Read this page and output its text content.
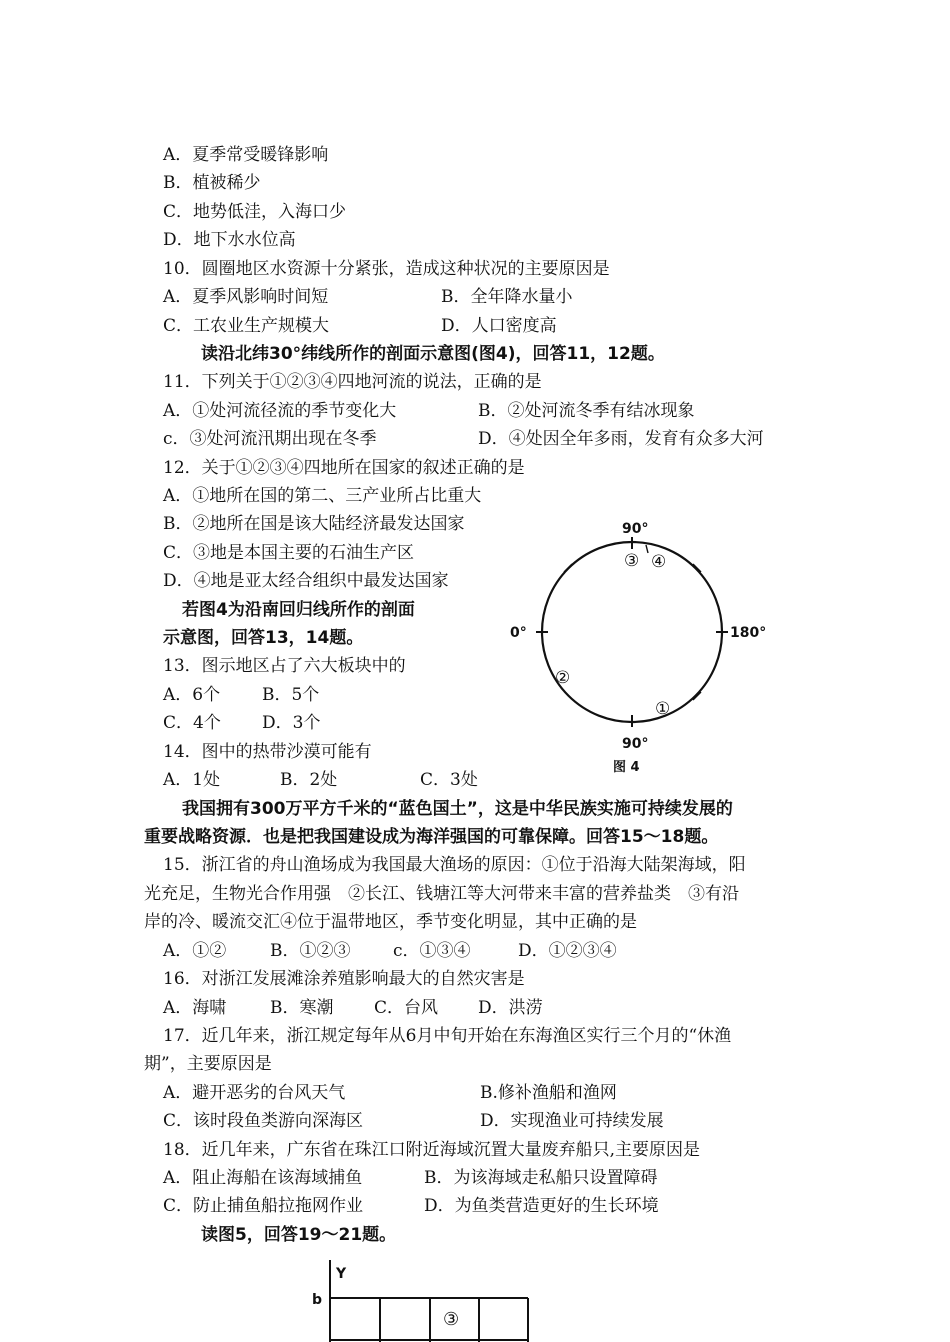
A．夏季常受暖锋影响
B．植被稀少
C．地势低洼，入海口少
D．地下水水位高
10．圆圈地区水资源十分紧张，造成这种状况的主要原因是
A．夏季风影响时间短	B．全年降水量小
C．工农业生产规模大	D．人口密度高
读沿北纬30°纬线所作的剖面示意图(图4)，回答11，12题。
11．下列关于①②③④四地河流的说法，正确的是
A．①处河流径流的季节变化大	B．②处河流冬季有结冰现象
c．③处河流汛期出现在冬季	D．④处因全年多雨，发育有众多大河
12．关于①②③④四地所在国家的叙述正确的是
A．①地所在国的第二、三产业所占比重大
B．②地所在国是该大陆经济最发达国家
C．③地是本国主要的石油生产区
D．④地是亚太经合组织中最发达国家
若图4为沿南回归线所作的剖面
示意图，回答13，14题。
13．图示地区占了六大板块中的
A．6个 B．5个
C．4个 D．3个
14．图中的热带沙漠可能有
A．1处	B．2处	C．3处
我国拥有300万平方千米的“蓝色国土”，这是中华民族实施可持续发展的
重要战略资源．也是把我国建设成为海洋强国的可靠保障。回答15～18题。
15．浙江省的舟山渔场成为我国最大渔场的原因：①位于沿海大陆架海域，阳
光充足，生物光合作用强　②长江、钱塘江等大河带来丰富的营养盐类　③有沿
岸的冷、暖流交汇④位于温带地区，季节变化明显，其中正确的是
A．①②	B．①②③	c．①③④	D．①②③④
16．对浙江发展滩涂养殖影响最大的自然灾害是
A．海啸	B．寒潮 C．台风 D．洪涝
17．近几年来，浙江规定每年从6月中旬开始在东海渔区实行三个月的“休渔
期”，主要原因是
A．避开恶劣的台风天气	B.修补渔船和渔网
C．该时段鱼类游向深海区	D．实现渔业可持续发展
18．近几年来，广东省在珠江口附近海域沉置大量废弃船只,主要原因是
A．阻止海船在该海域捕鱼	B．为该海域走私船只设置障碍
C．防止捕鱼船拉拖网作业	D．为鱼类营造更好的生长环境
读图5，回答19～21题。
90°
90°
0°	180°
③ ④
②
①
图 4
Y
b
③
